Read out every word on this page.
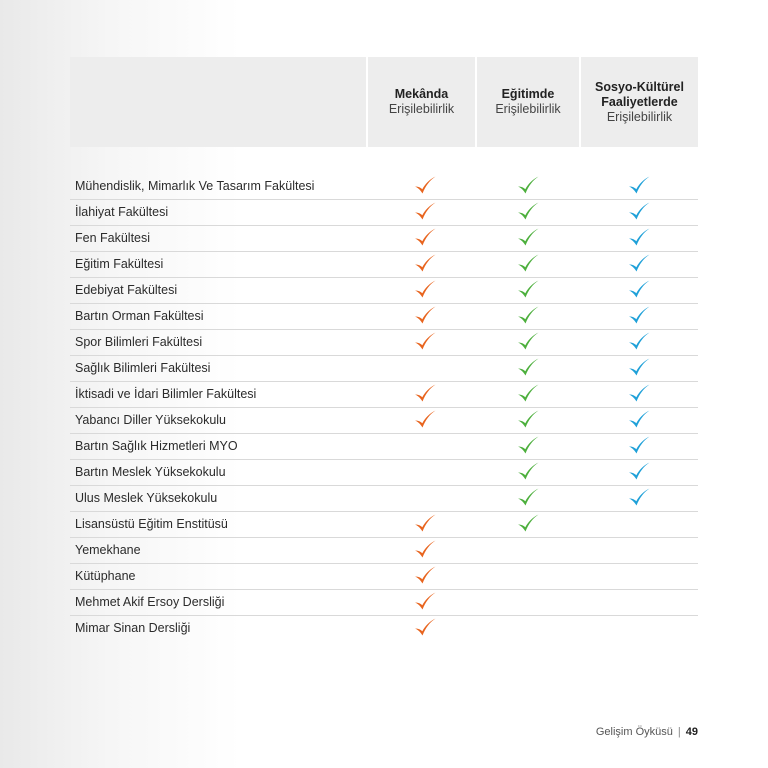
Mekânda
Erişilebilirlik
Eğitimde
Erişilebilirlik
Sosyo-Kültürel
Faaliyetlerde
Erişilebilirlik
Mühendislik, Mimarlık Ve Tasarım Fakültesi
İlahiyat Fakültesi
Fen Fakültesi
Eğitim Fakültesi
Edebiyat Fakültesi
Bartın Orman Fakültesi
Spor Bilimleri Fakültesi
Sağlık Bilimleri Fakültesi
İktisadi ve İdari Bilimler Fakültesi
Yabancı Diller Yüksekokulu
Bartın Sağlık Hizmetleri MYO
Bartın Meslek Yüksekokulu
Ulus Meslek Yüksekokulu
Lisansüstü Eğitim Enstitüsü
Yemekhane
Kütüphane
Mehmet Akif Ersoy Dersliği
Mimar Sinan Dersliği
Gelişim Öyküsü | 49
